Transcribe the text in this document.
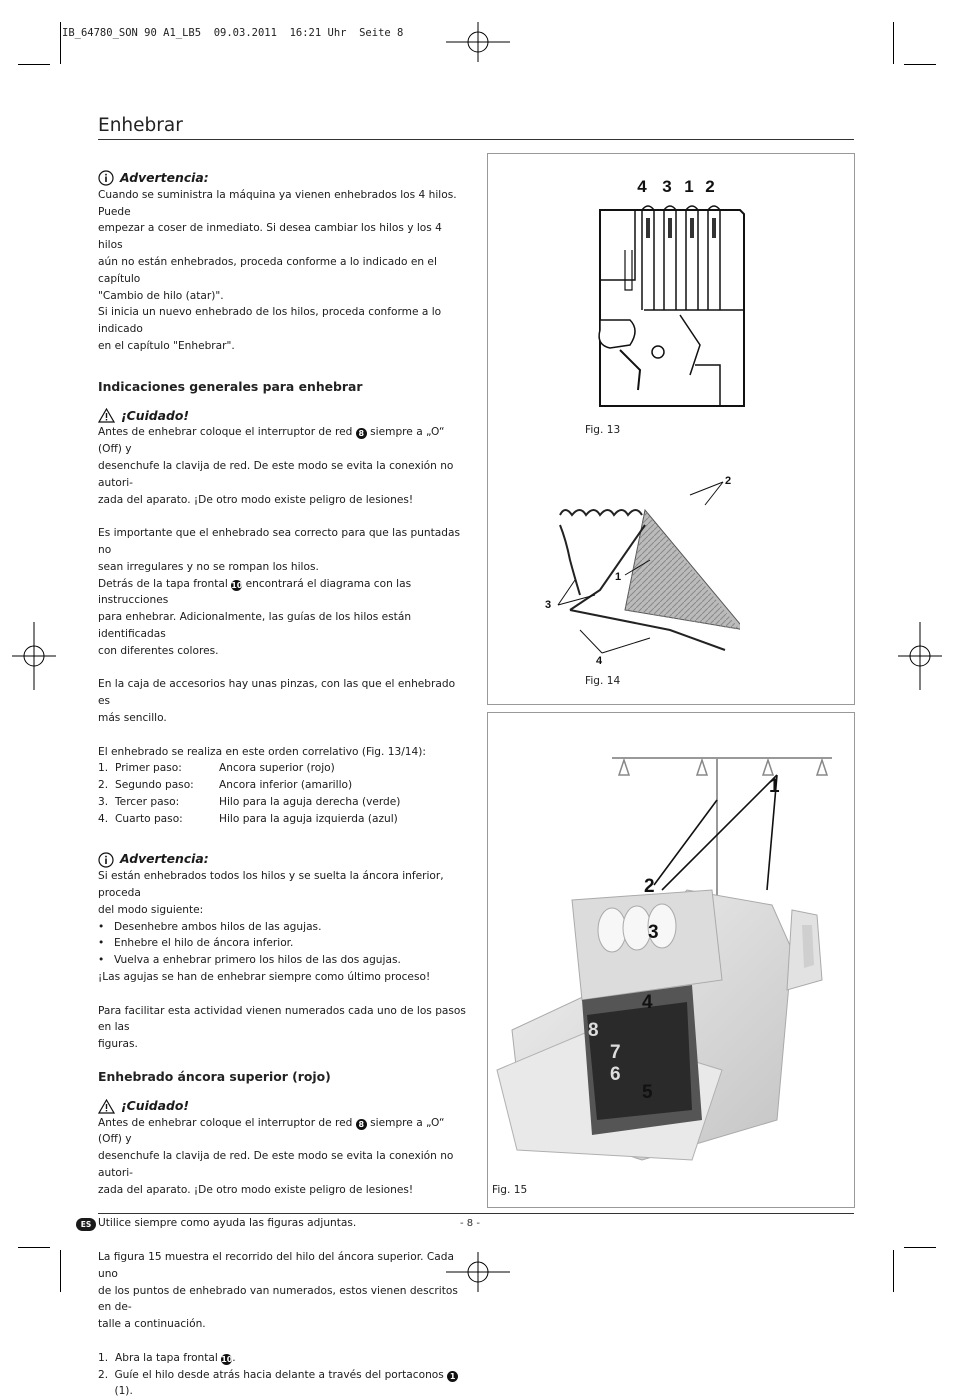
IB_64780_SON 90 A1_LB5  09.03.2011  16:21 Uhr  Seite 8
Enhebrar
Advertencia:

Cuando se suministra la máquina ya vienen enhebrados los 4 hilos. Puede

empezar a coser de inmediato. Si desea cambiar los hilos y los 4 hilos

aún no están enhebrados, proceda conforme a lo indicado en el capítulo

"Cambio de hilo (atar)".

Si inicia un nuevo enhebrado de los hilos, proceda conforme a lo indicado

en el capítulo "Enhebrar".

Indicaciones generales para enhebrar

¡Cuidado!

Antes de enhebrar coloque el interruptor de red 8 siempre a „O“ (Off) y

desenchufe la clavija de red. De este modo se evita la conexión no autori-

zada del aparato. ¡De otro modo existe peligro de lesiones!

Es importante que el enhebrado sea correcto para que las puntadas no

sean irregulares y no se rompan los hilos.

Detrás de la tapa frontal 10 encontrará el diagrama con las instrucciones

para enhebrar. Adicionalmente, las guías de los hilos están identificadas

con diferentes colores.

En la caja de accesorios hay unas pinzas, con las que el enhebrado es

más sencillo.

El enhebrado se realiza en este orden correlativo (Fig. 13/14):

1. Primer paso:	Ancora superior (rojo)
2. Segundo paso:	Ancora inferior (amarillo)
3. Tercer paso:	Hilo para la aguja derecha (verde)
4. Cuarto paso:	Hilo para la aguja izquierda (azul)
Advertencia:

Si están enhebrados todos los hilos y se suelta la áncora inferior, proceda

del modo siguiente:

• Desenhebre ambos hilos de las agujas.
• Enhebre el hilo de áncora inferior.
• Vuelva a enhebrar primero los hilos de las dos agujas.

¡Las agujas se han de enhebrar siempre como último proceso!

Para facilitar esta actividad vienen numerados cada uno de los pasos en las

figuras.

Enhebrado áncora superior (rojo)

¡Cuidado!

Antes de enhebrar coloque el interruptor de red 8 siempre a „O“ (Off) y

desenchufe la clavija de red. De este modo se evita la conexión no autori-

zada del aparato. ¡De otro modo existe peligro de lesiones!

Utilice siempre como ayuda las figuras adjuntas.

La figura 15 muestra el recorrido del hilo del áncora superior. Cada uno

de los puntos de enhebrado van numerados, estos vienen descritos en de-

talle a continuación.

1. Abra la tapa frontal 10.
2. Guíe el hilo desde atrás hacia delante a través del portaconos 1 (1).
4 3 1 2
Fig. 13
2
1
3
4
Fig. 14
1
2
3
4
8
7
6
5
Fig. 15
ES	- 8 -
